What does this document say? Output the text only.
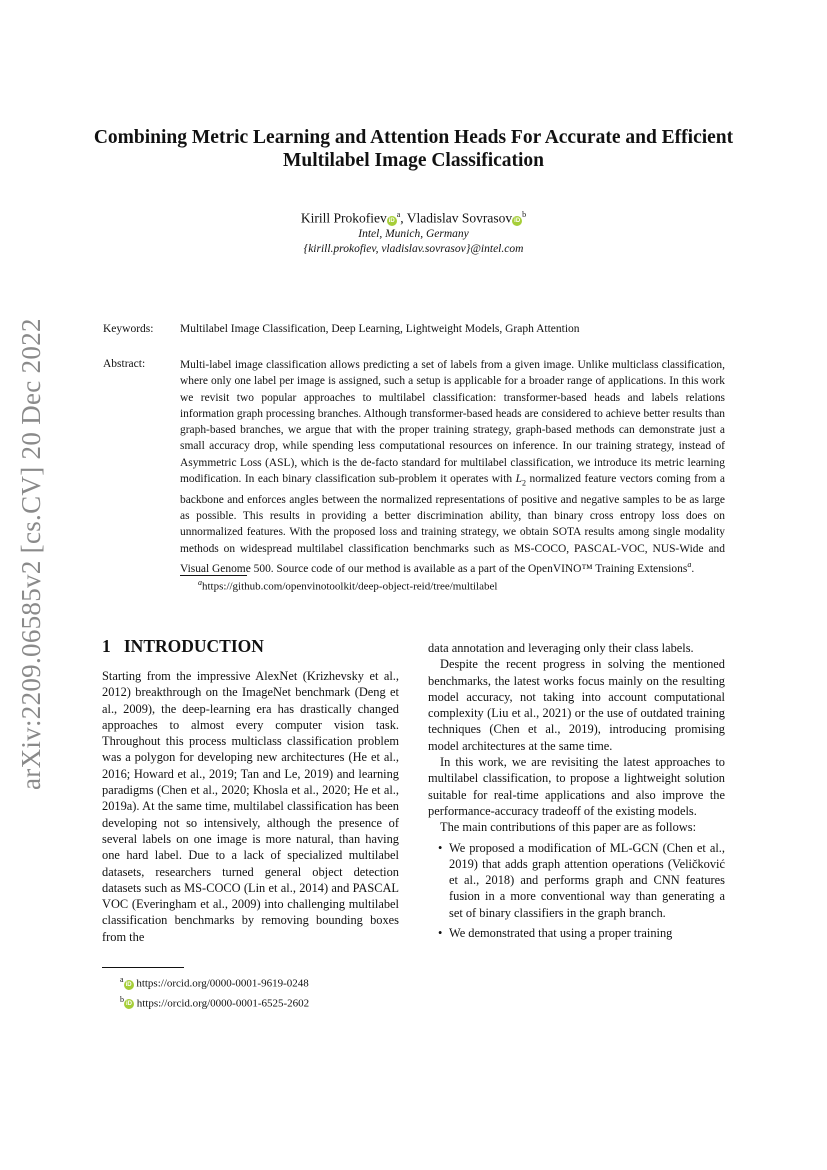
arXiv:2209.06585v2 [cs.CV] 20 Dec 2022
Combining Metric Learning and Attention Heads For Accurate and Efficient Multilabel Image Classification
Kirill Prokofiev $iD^a$, Vladislav Sovrasov $iD^b$
Intel, Munich, Germany
{kirill.prokofiev, vladislav.sovrasov}@intel.com
Keywords: Multilabel Image Classification, Deep Learning, Lightweight Models, Graph Attention
Abstract:	Multi-label image classification allows predicting a set of labels from a given image. Unlike multiclass classification, where only one label per image is assigned, such a setup is applicable for a broader range of applications. In this work we revisit two popular approaches to multilabel classification: transformer-based heads and labels relations information graph processing branches. Although transformer-based heads are considered to achieve better results than graph-based branches, we argue that with the proper training strategy, graph-based methods can demonstrate just a small accuracy drop, while spending less computational resources on inference. In our training strategy, instead of Asymmetric Loss (ASL), which is the de-facto standard for multilabel classification, we introduce its metric learning modification. In each binary classification sub-problem it operates with $L_2$ normalized feature vectors coming from a backbone and enforces angles between the normalized representations of positive and negative samples to be as large as possible. This results in providing a better discrimination ability, than binary cross entropy loss does on unnormalized features. With the proposed loss and training strategy, we obtain SOTA results among single modality methods on widespread multilabel classification benchmarks such as MS-COCO, PASCAL-VOC, NUS-Wide and Visual Genome 500. Source code of our method is available as a part of the OpenVINO™ Training Extensions$^a$.
$^a$https://github.com/openvinotoolkit/deep-object-reid/tree/multilabel
1 INTRODUCTION

Starting from the impressive AlexNet (Krizhevsky et al., 2012) breakthrough on the ImageNet benchmark (Deng et al., 2009), the deep-learning era has drastically changed approaches to almost every computer vision task. Throughout this process multiclass classification problem was a polygon for developing new architectures (He et al., 2016; Howard et al., 2019; Tan and Le, 2019) and learning paradigms (Chen et al., 2020; Khosla et al., 2020; He et al., 2019a). At the same time, multilabel classification has been developing not so intensively, although the presence of several labels on one image is more natural, than having one hard label. Due to a lack of specialized multilabel datasets, researchers turned general object detection datasets such as MS-COCO (Lin et al., 2014) and PASCAL VOC (Everingham et al., 2009) into challenging multilabel classification benchmarks by removing bounding boxes from the

data annotation and leveraging only their class labels.

Despite the recent progress in solving the mentioned benchmarks, the latest works focus mainly on the resulting model accuracy, not taking into account computational complexity (Liu et al., 2021) or the use of outdated training techniques (Chen et al., 2019), introducing promising model architectures at the same time.

In this work, we are revisiting the latest approaches to multilabel classification, to propose a lightweight solution suitable for real-time applications and also improve the performance-accuracy tradeoff of the existing models.

The main contributions of this paper are as follows:

• We proposed a modification of ML-GCN (Chen et al., 2019) that adds graph attention operations (Veličković et al., 2018) and performs graph and CNN features fusion in a more conventional way than generating a set of binary classifiers in the graph branch.
• We demonstrated that using a proper training
$^a$iD https://orcid.org/0000-0001-9619-0248
$^b$iD https://orcid.org/0000-0001-6525-2602
